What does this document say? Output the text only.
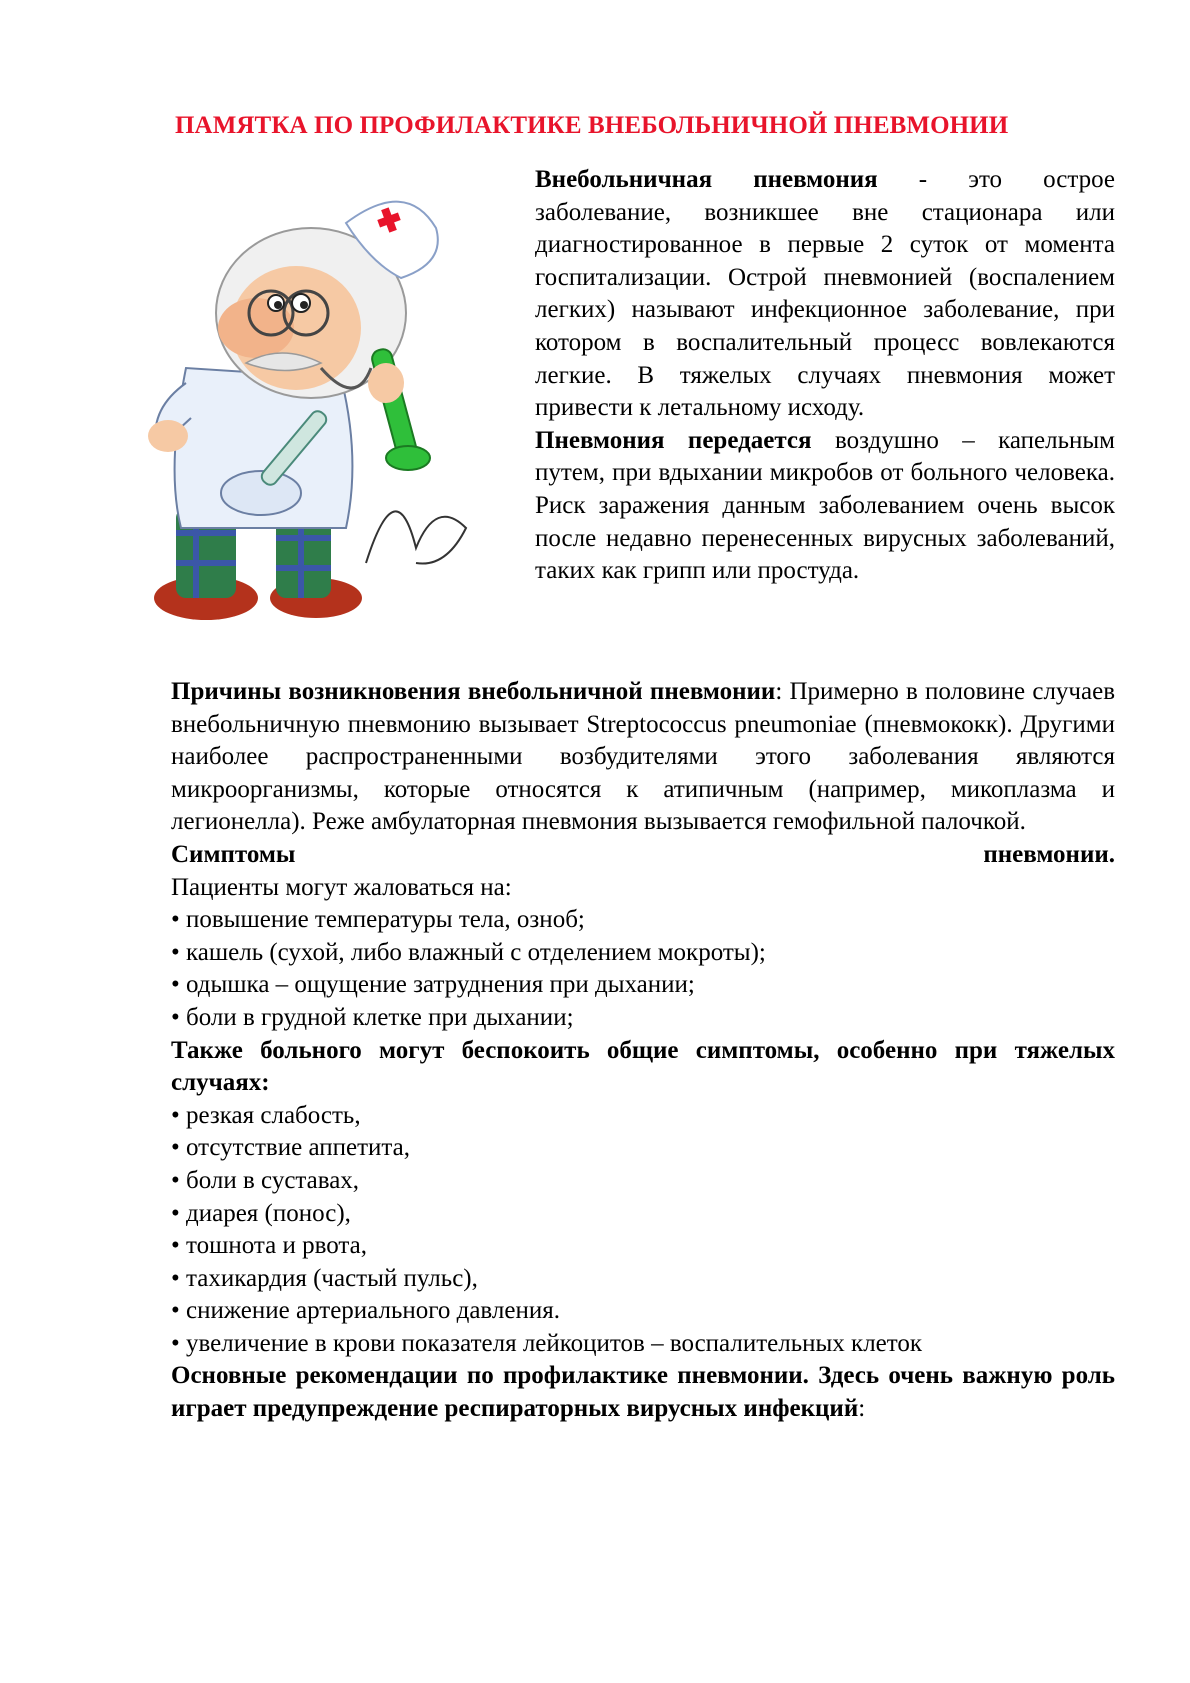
ПАМЯТКА ПО ПРОФИЛАКТИКЕ ВНЕБОЛЬНИЧНОЙ ПНЕВМОНИИ

Внебольничная пневмония - это острое заболевание, возникшее вне стационара или диагностированное в первые 2 суток от момента госпитализации. Острой пневмонией (воспалением легких) называют инфекционное заболевание, при котором в воспалительный процесс вовлекаются легкие. В тяжелых случаях пневмония может привести к летальному исходу.

Пневмония передается воздушно – капельным путем, при вдыхании микробов от больного человека. Риск заражения данным заболеванием очень высок после недавно перенесенных вирусных заболеваний, таких как грипп или простуда.

Причины возникновения внебольничной пневмонии: Примерно в половине случаев внебольничную пневмонию вызывает Streptococcus pneumoniae (пневмококк). Другими наиболее распространенными возбудителями этого заболевания являются микроорганизмы, которые относятся к атипичным (например, микоплазма и легионелла). Реже амбулаторная пневмония вызывается гемофильной палочкой.

Симптомы	пневмонии.

Пациенты могут жаловаться на:

• повышение температуры тела, озноб;
• кашель (сухой, либо влажный с отделением мокроты);
• одышка – ощущение затруднения при дыхании;
• боли в грудной клетке при дыхании;

Также больного могут беспокоить общие симптомы, особенно при тяжелых случаях:

• резкая слабость,
• отсутствие аппетита,
• боли в суставах,
• диарея (понос),
• тошнота и рвота,
• тахикардия (частый пульс),
• снижение артериального давления.
• увеличение в крови показателя лейкоцитов – воспалительных клеток

Основные рекомендации по профилактике пневмонии. Здесь очень важную роль играет предупреждение респираторных вирусных инфекций:
